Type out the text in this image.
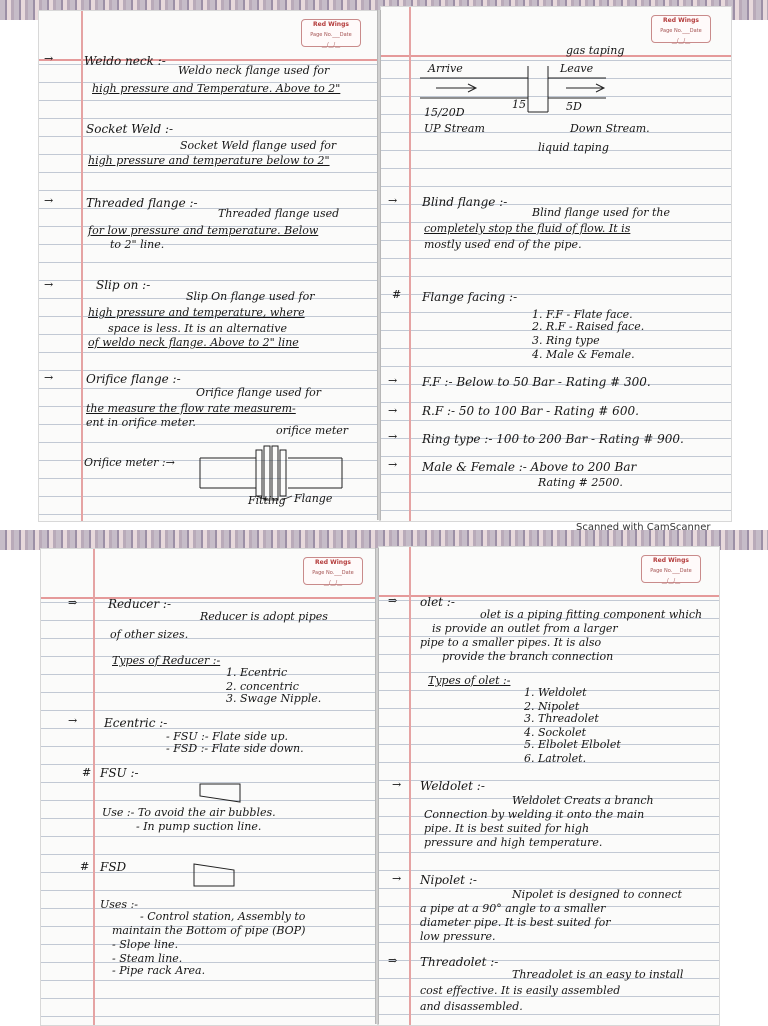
Red Wings
Page No.___Date __/__/__
Red Wings
Page No.___Date __/__/__
Red Wings
Page No.___Date __/__/__
Red Wings
Page No.___Date __/__/__
→	Weldo neck :-
Weldo neck flange used for
high pressure and Temperature. Above to 2"
Socket Weld :-
Socket Weld flange used for
high pressure and temperature below to 2"
→	Threaded flange :-
Threaded flange used
for low pressure and temperature. Below
to 2" line.
→	Slip on :-
Slip On flange used for
high pressure and temperature, where
space is less. It is an alternative
of weldo neck flange. Above to 2" line
→	Orifice flange :-
Orifice flange used for
the measure the flow rate measurem-
ent in orifice meter.
orifice meter
Orifice meter :→
Fitting Flange
gas taping
Arrive	Leave
15/20D
15	5D
UP Stream	Down Stream.
liquid taping
→ Blind flange :-
Blind flange used for the
completely stop the fluid of flow. It is
mostly used end of the pipe.
# Flange facing :-
1. F.F - Flate face.
2. R.F - Raised face.
3. Ring type
4. Male & Female.
→ F.F :- Below to 50 Bar - Rating # 300.
→ R.F :- 50 to 100 Bar - Rating # 600.
→ Ring type :- 100 to 200 Bar - Rating # 900.
→ Male & Female :- Above to 200 Bar
Rating # 2500.
⇒	Reducer :-
Reducer is adopt pipes
of other sizes.
Types of Reducer :-
1. Ecentric
2. concentric
3. Swage Nipple.
→ Ecentric :-
- FSU :- Flate side up.
- FSD :- Flate side down.
# FSU :-
Use :- To avoid the air bubbles.
- In pump suction line.
# FSD
Uses :-
- Control station, Assembly to
maintain the Bottom of pipe (BOP)
- Slope line.
- Steam line.
- Pipe rack Area.
⇒ olet :-
olet is a piping fitting component which
is provide an outlet from a larger
pipe to a smaller pipes. It is also
provide the branch connection
Types of olet :-
1. Weldolet
2. Nipolet
3. Threadolet
4. Sockolet
5. Elbolet Elbolet
6. Latrolet.
→ Weldolet :-
Weldolet Creats a branch
Connection by welding it onto the main
pipe. It is best suited for high
pressure and high temperature.
→ Nipolet :-
Nipolet is designed to connect
a pipe at a 90° angle to a smaller
diameter pipe. It is best suited for
low pressure.
⇒ Threadolet :-
Threadolet is an easy to install
cost effective. It is easily assembled
and disassembled.
Scanned with CamScanner
